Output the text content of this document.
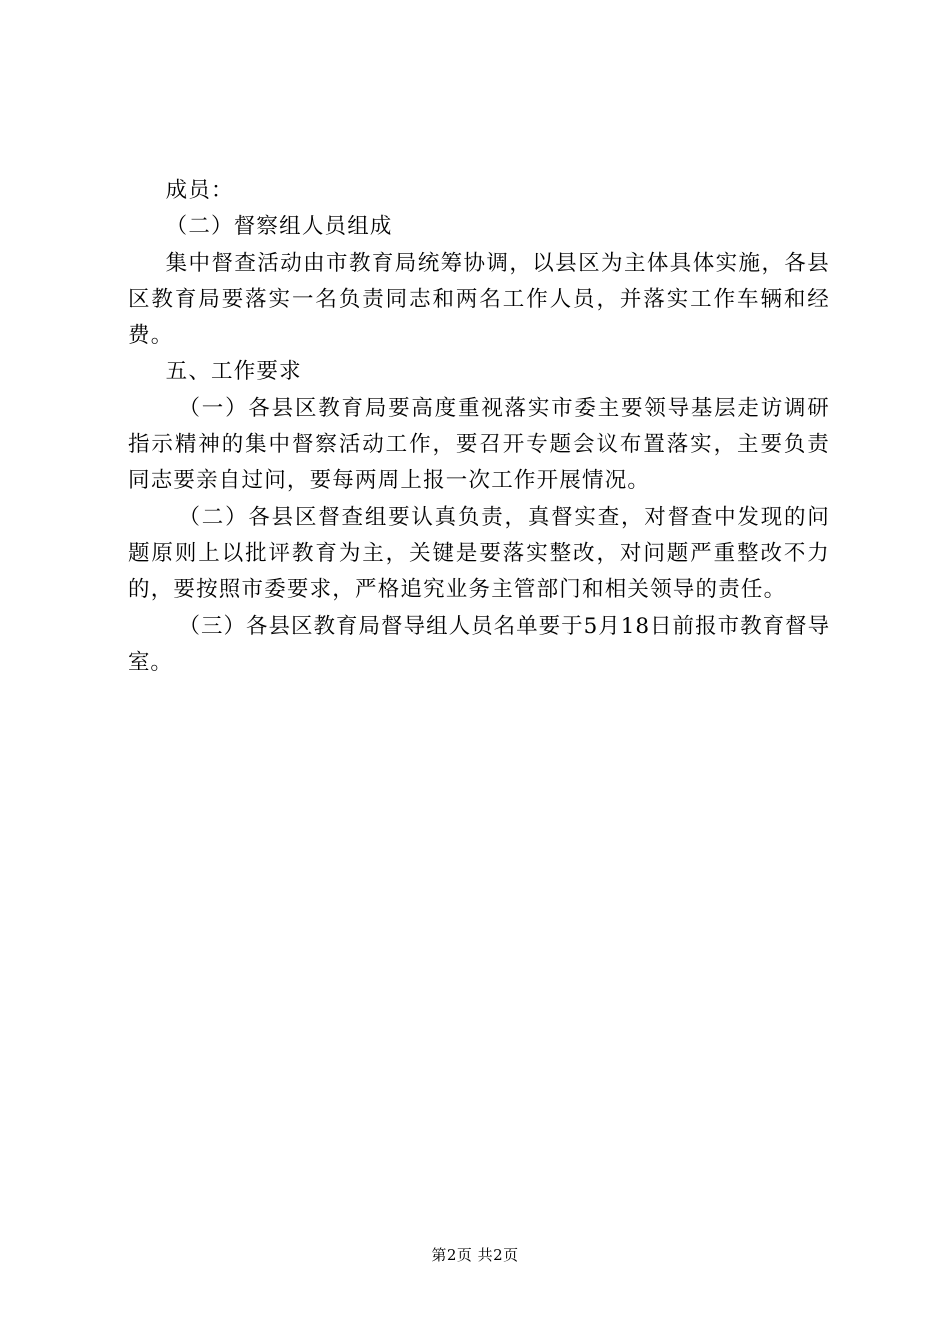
成员：

（二）督察组人员组成

集中督查活动由市教育局统筹协调，以县区为主体具体实施，各县区教育局要落实一名负责同志和两名工作人员，并落实工作车辆和经费。

五、工作要求

（一）各县区教育局要高度重视落实市委主要领导基层走访调研指示精神的集中督察活动工作，要召开专题会议布置落实，主要负责同志要亲自过问，要每两周上报一次工作开展情况。

（二）各县区督查组要认真负责，真督实查，对督查中发现的问题原则上以批评教育为主，关键是要落实整改，对问题严重整改不力的，要按照市委要求，严格追究业务主管部门和相关领导的责任。

（三）各县区教育局督导组人员名单要于5月18日前报市教育督导室。

第2页 共2页
